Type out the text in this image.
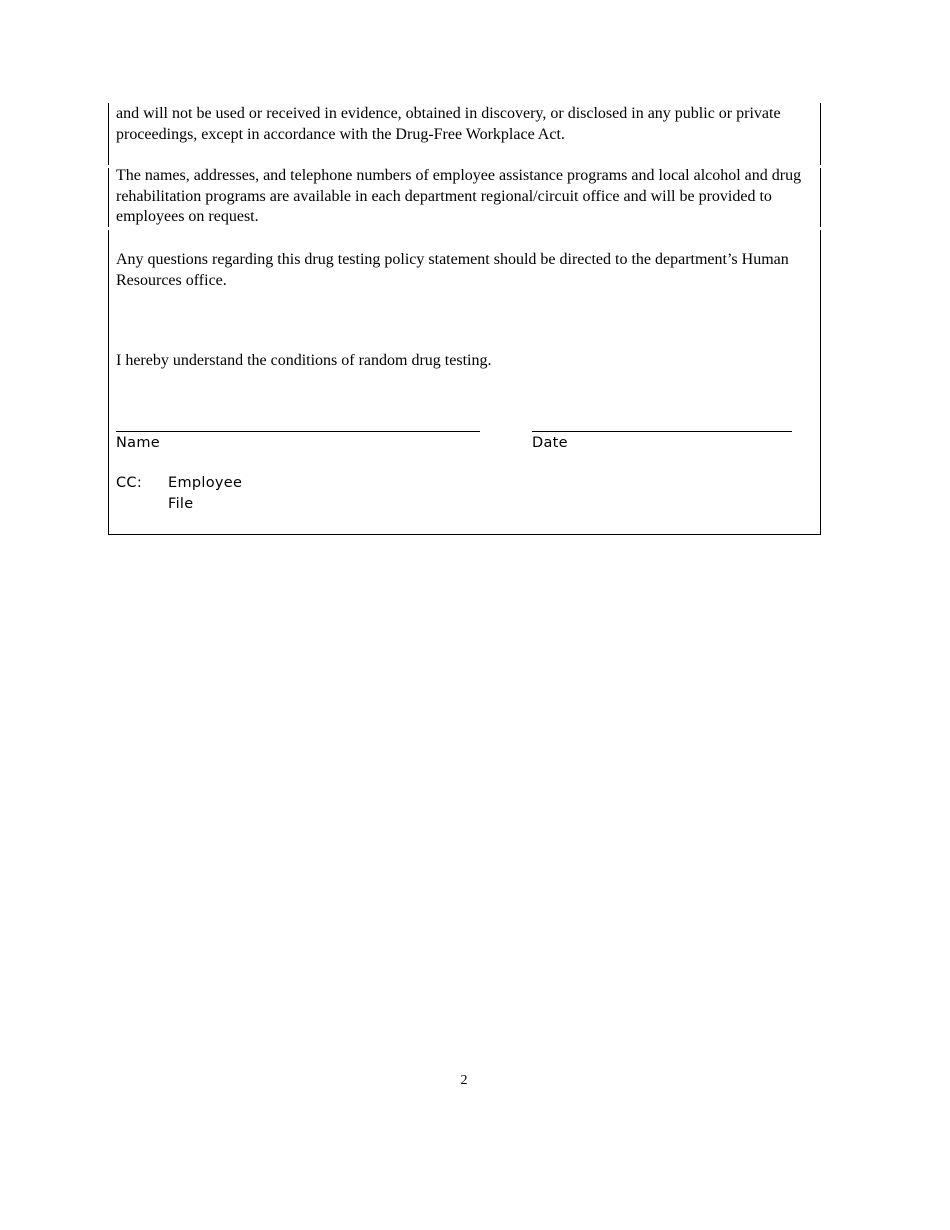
and will not be used or received in evidence, obtained in discovery, or disclosed in any public or private proceedings, except in accordance with the Drug-Free Workplace Act.

The names, addresses, and telephone numbers of employee assistance programs and local alcohol and drug rehabilitation programs are available in each department regional/circuit office and will be provided to employees on request.

Any questions regarding this drug testing policy statement should be directed to the department’s Human Resources office.

I hereby understand the conditions of random drug testing.

Name	Date
CC: Employee
File
2
